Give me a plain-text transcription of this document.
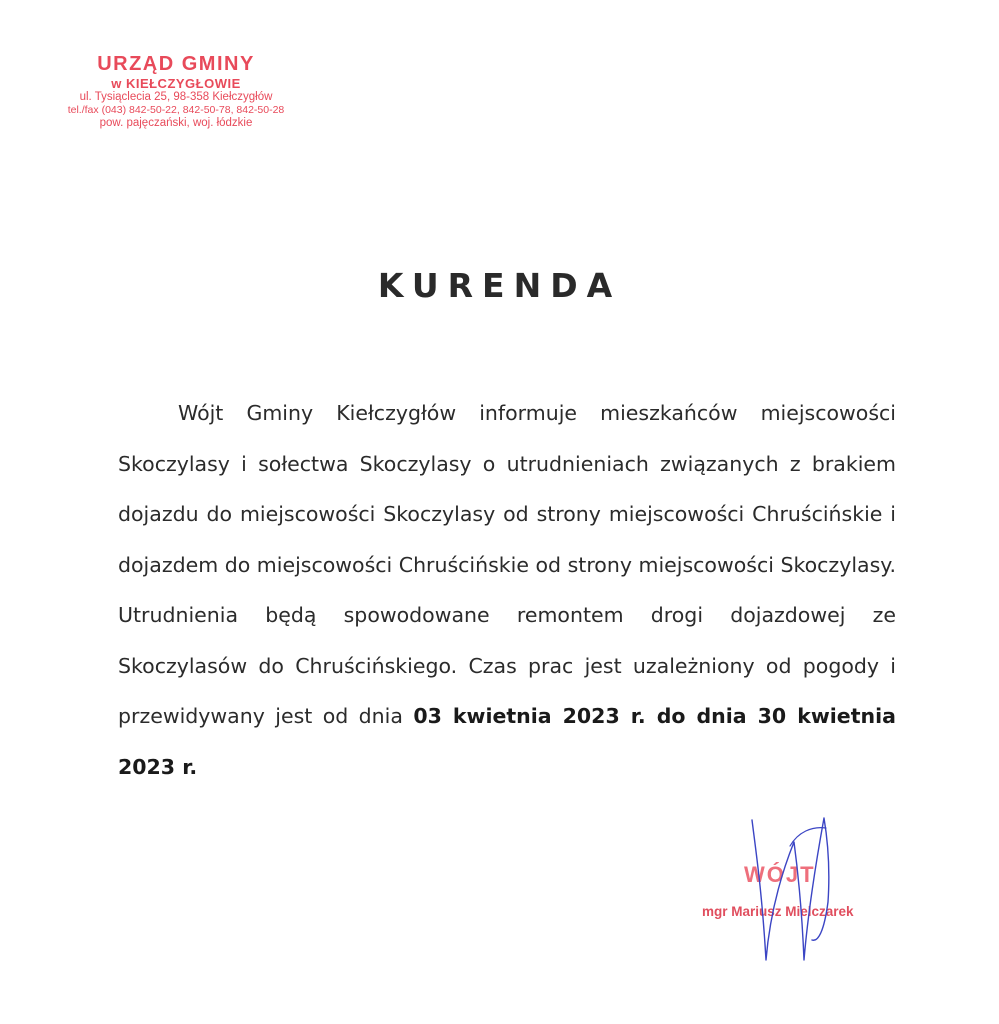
URZĄD GMINY
w KIEŁCZYGŁOWIE
ul. Tysiąclecia 25, 98-358 Kiełczygłów
tel./fax (043) 842-50-22, 842-50-78, 842-50-28
pow. pajęczański, woj. łódzkie
KURENDA
Wójt Gminy Kiełczygłów informuje mieszkańców miejscowości Skoczylasy i sołectwa Skoczylasy o utrudnieniach związanych z brakiem dojazdu do miejscowości Skoczylasy od strony miejscowości Chruścińskie i dojazdem do miejscowości Chruścińskie od strony miejscowości Skoczylasy. Utrudnienia będą spowodowane remontem drogi dojazdowej ze Skoczylasów do Chruścińskiego. Czas prac jest uzależniony od pogody i przewidywany jest od dnia 03 kwietnia 2023 r. do dnia 30 kwietnia 2023 r.
WÓJT
mgr Mariusz Mielczarek
